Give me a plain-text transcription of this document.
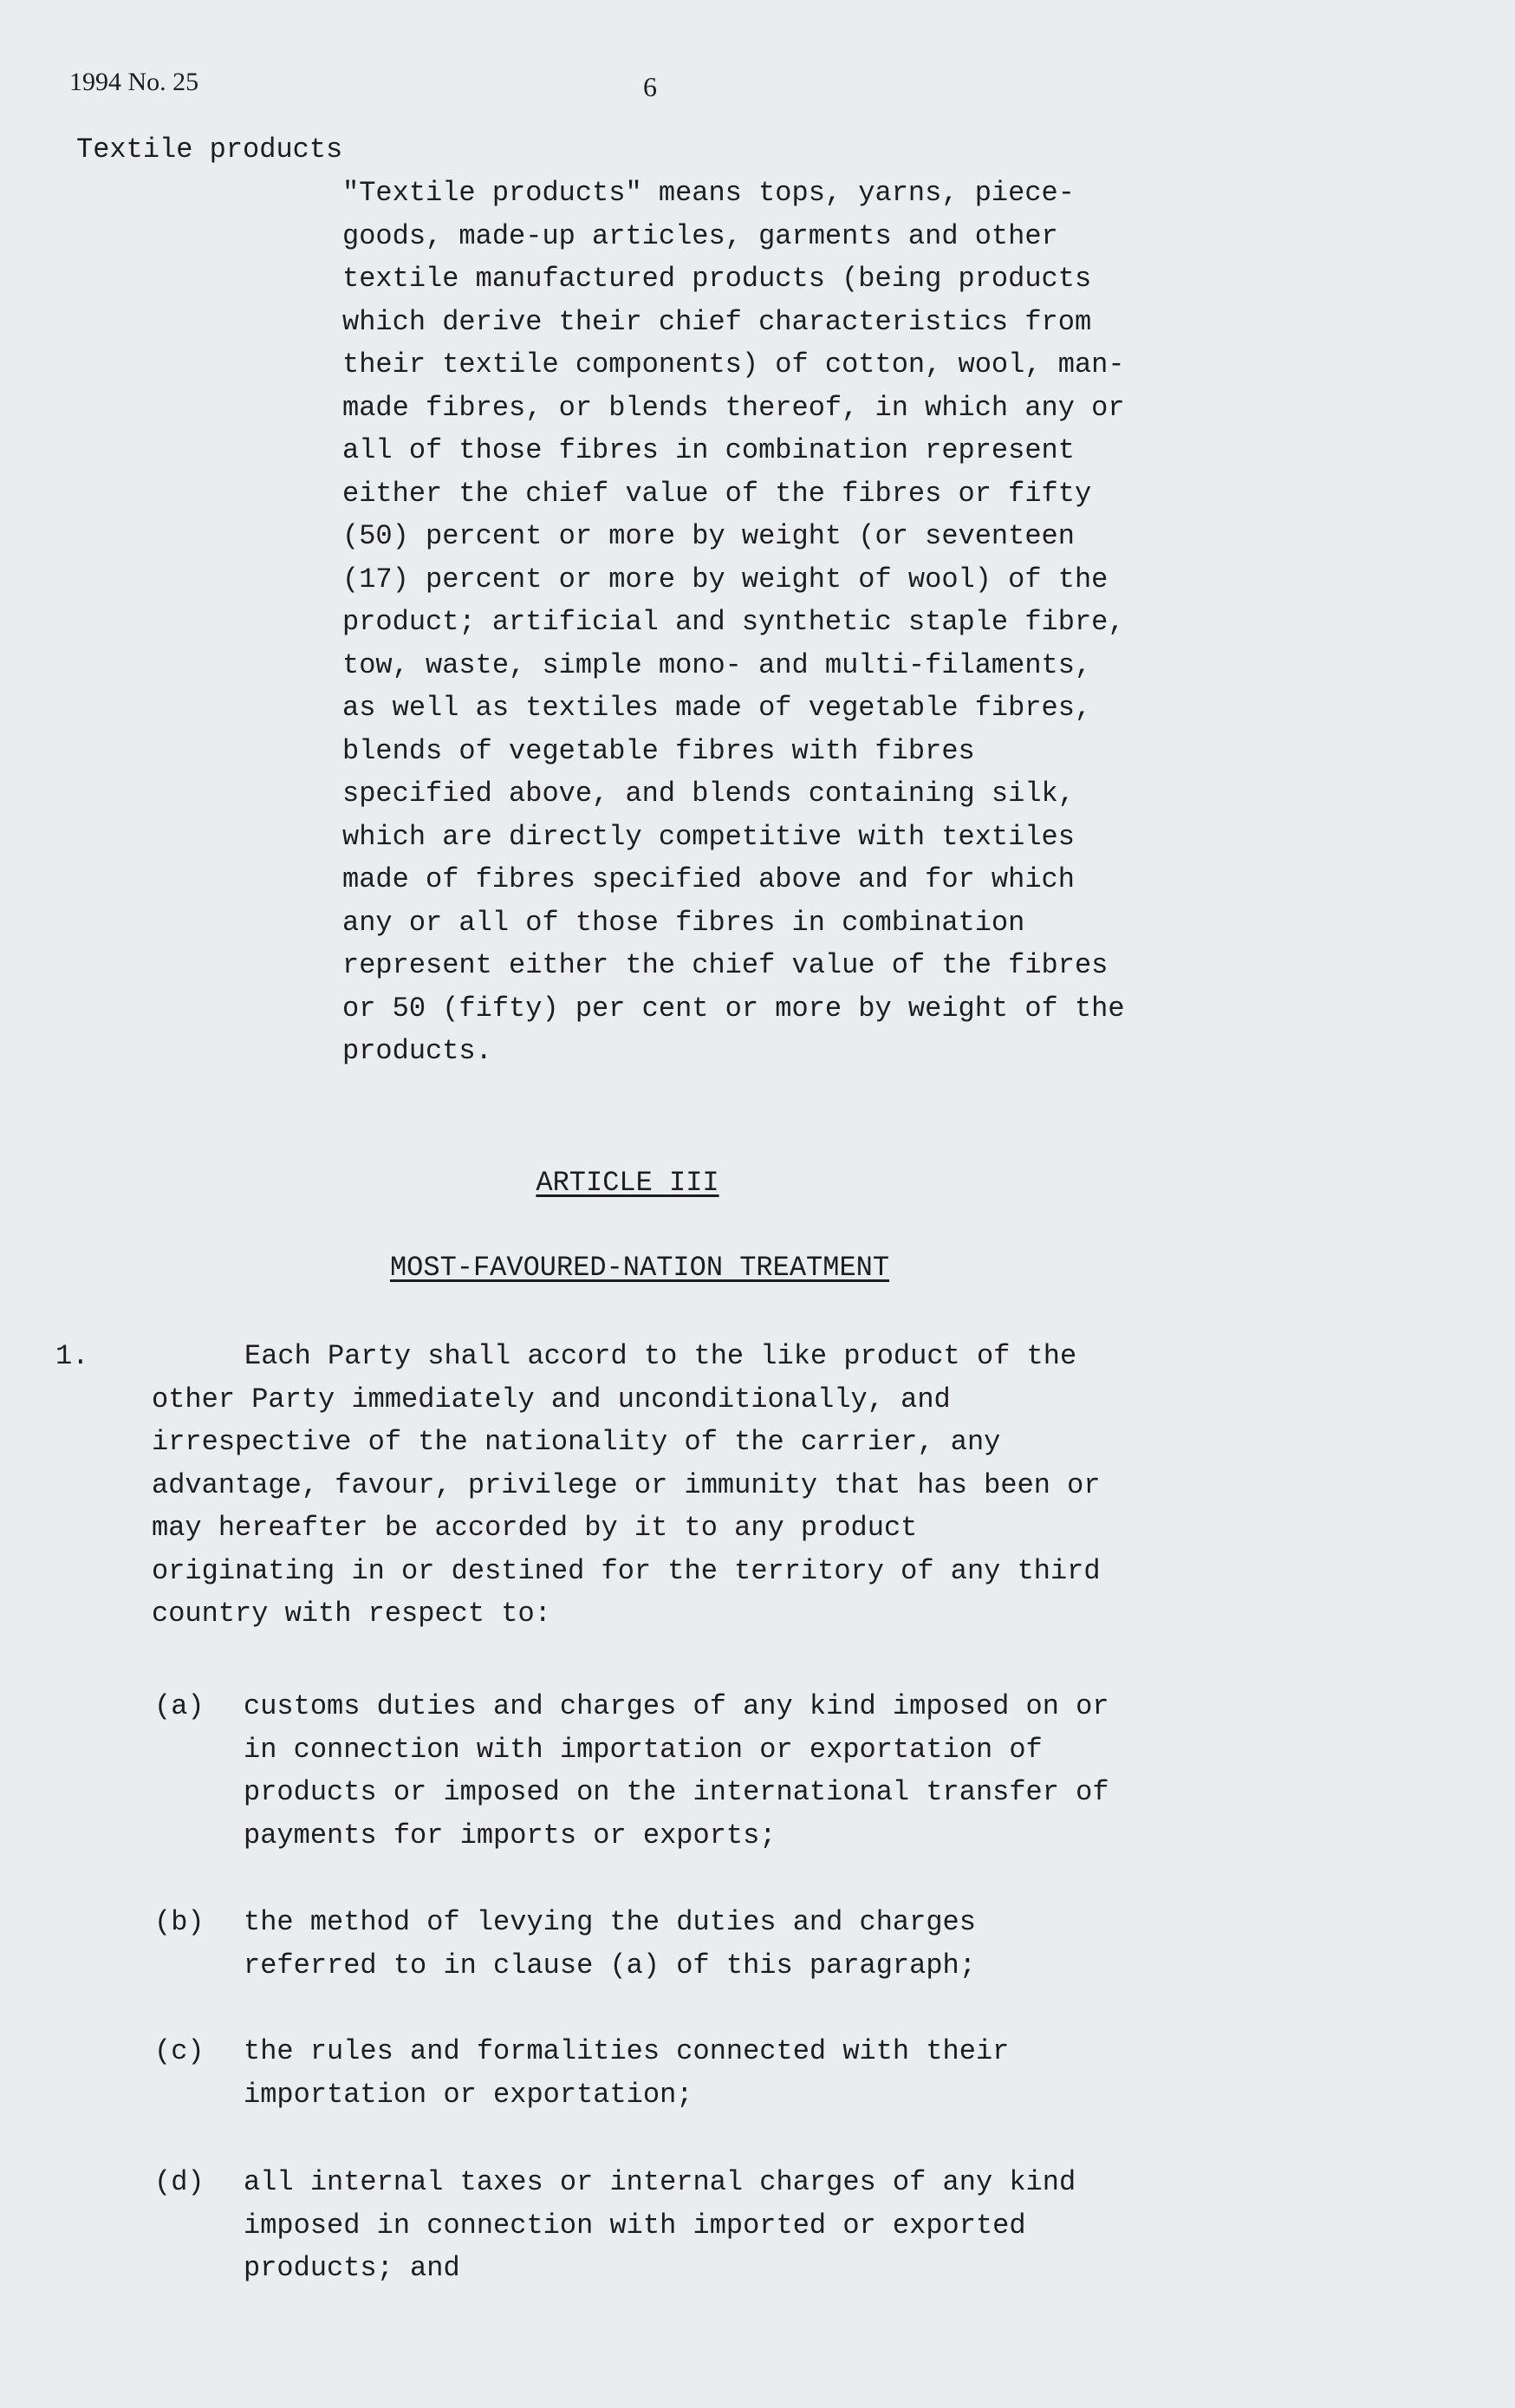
1994 No. 25	6
Textile products
"Textile products" means tops, yarns, piece-
goods, made-up articles, garments and other
textile manufactured products (being products
which derive their chief characteristics from
their textile components) of cotton, wool, man-
made fibres, or blends thereof, in which any or
all of those fibres in combination represent
either the chief value of the fibres or fifty
(50) percent or more by weight (or seventeen
(17) percent or more by weight of wool) of the
product; artificial and synthetic staple fibre,
tow, waste, simple mono- and multi-filaments,
as well as textiles made of vegetable fibres,
blends of vegetable fibres with fibres
specified above, and blends containing silk,
which are directly competitive with textiles
made of fibres specified above and for which
any or all of those fibres in combination
represent either the chief value of the fibres
or 50 (fifty) per cent or more by weight of the
products.
ARTICLE III
MOST-FAVOURED-NATION TREATMENT
1.	Each Party shall accord to the like product of the
other Party immediately and unconditionally, and
irrespective of the nationality of the carrier, any
advantage, favour, privilege or immunity that has been or
may hereafter be accorded by it to any product
originating in or destined for the territory of any third
country with respect to:
(a) customs duties and charges of any kind imposed on or
in connection with importation or exportation of
products or imposed on the international transfer of
payments for imports or exports;
(b) the method of levying the duties and charges
referred to in clause (a) of this paragraph;
(c) the rules and formalities connected with their
importation or exportation;
(d) all internal taxes or internal charges of any kind
imposed in connection with imported or exported
products; and
